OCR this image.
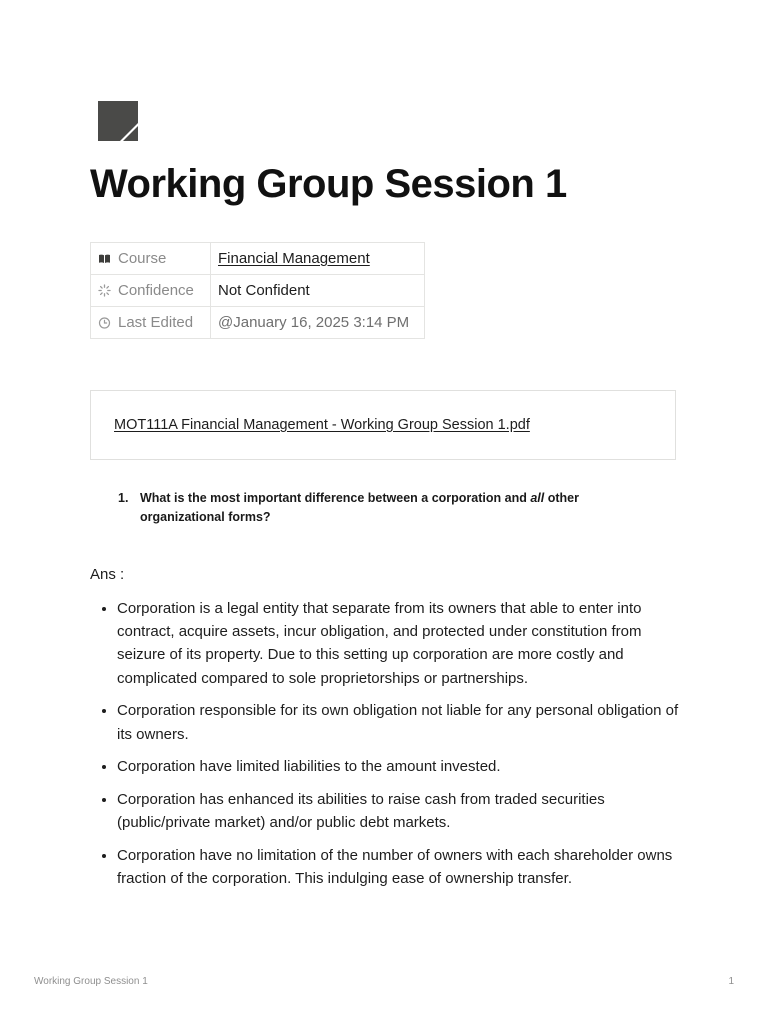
Working Group Session 1
Course	Financial Management
Confidence	Not Confident
Last Edited	@January 16, 2025 3:14 PM
MOT111A Financial Management - Working Group Session 1.pdf
1. What is the most important difference between a corporation and all other organizational forms?
Ans :
• Corporation is a legal entity that separate from its owners that able to enter into contract, acquire assets, incur obligation, and protected under constitution from seizure of its property. Due to this setting up corporation are more costly and complicated compared to sole proprietorships or partnerships.
• Corporation responsible for its own obligation not liable for any personal obligation of its owners.
• Corporation have limited liabilities to the amount invested.
• Corporation has enhanced its abilities to raise cash from traded securities (public/private market) and/or public debt markets.
• Corporation have no limitation of the number of owners with each shareholder owns fraction of the corporation. This indulging ease of ownership transfer.
Working Group Session 1	1
